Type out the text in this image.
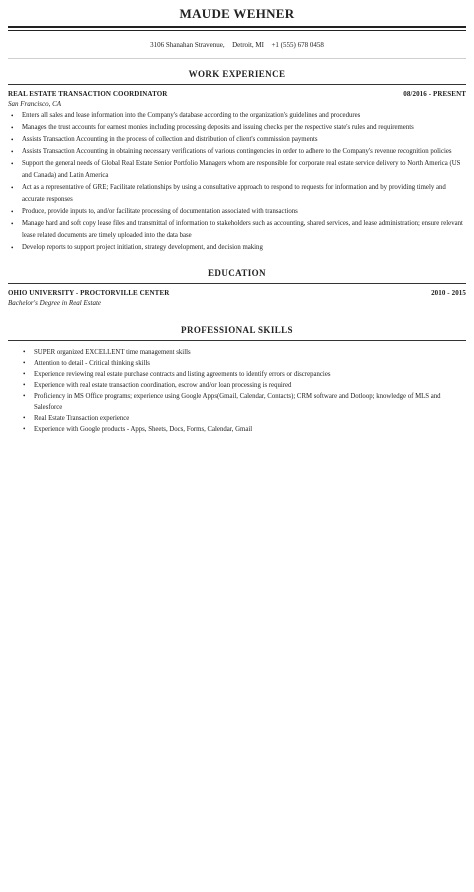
MAUDE WEHNER
3106 Shanahan Stravenue, Detroit, MI +1 (555) 678 0458
WORK EXPERIENCE
REAL ESTATE TRANSACTION COORDINATOR	08/2016 - PRESENT
San Francisco, CA
• Enters all sales and lease information into the Company's database according to the organization's guidelines and procedures
• Manages the trust accounts for earnest monies including processing deposits and issuing checks per the respective state's rules and requirements
• Assists Transaction Accounting in the process of collection and distribution of client's commission payments
• Assists Transaction Accounting in obtaining necessary verifications of various contingencies in order to adhere to the Company's revenue recognition policies
• Support the general needs of Global Real Estate Senior Portfolio Managers whom are responsible for corporate real estate service delivery to North America (US and Canada) and Latin America
• Act as a representative of GRE; Facilitate relationships by using a consultative approach to respond to requests for information and by providing timely and accurate responses
• Produce, provide inputs to, and/or facilitate processing of documentation associated with transactions
• Manage hard and soft copy lease files and transmittal of information to stakeholders such as accounting, shared services, and lease administration; ensure relevant lease related documents are timely uploaded into the data base
• Develop reports to support project initiation, strategy development, and decision making
EDUCATION
OHIO UNIVERSITY - PROCTORVILLE CENTER	2010 - 2015
Bachelor's Degree in Real Estate
PROFESSIONAL SKILLS
• SUPER organized EXCELLENT time management skills
• Attention to detail - Critical thinking skills
• Experience reviewing real estate purchase contracts and listing agreements to identify errors or discrepancies
• Experience with real estate transaction coordination, escrow and/or loan processing is required
• Proficiency in MS Office programs; experience using Google Apps(Gmail, Calendar, Contacts); CRM software and Dotloop; knowledge of MLS and Salesforce
• Real Estate Transaction experience
• Experience with Google products - Apps, Sheets, Docs, Forms, Calendar, Gmail
